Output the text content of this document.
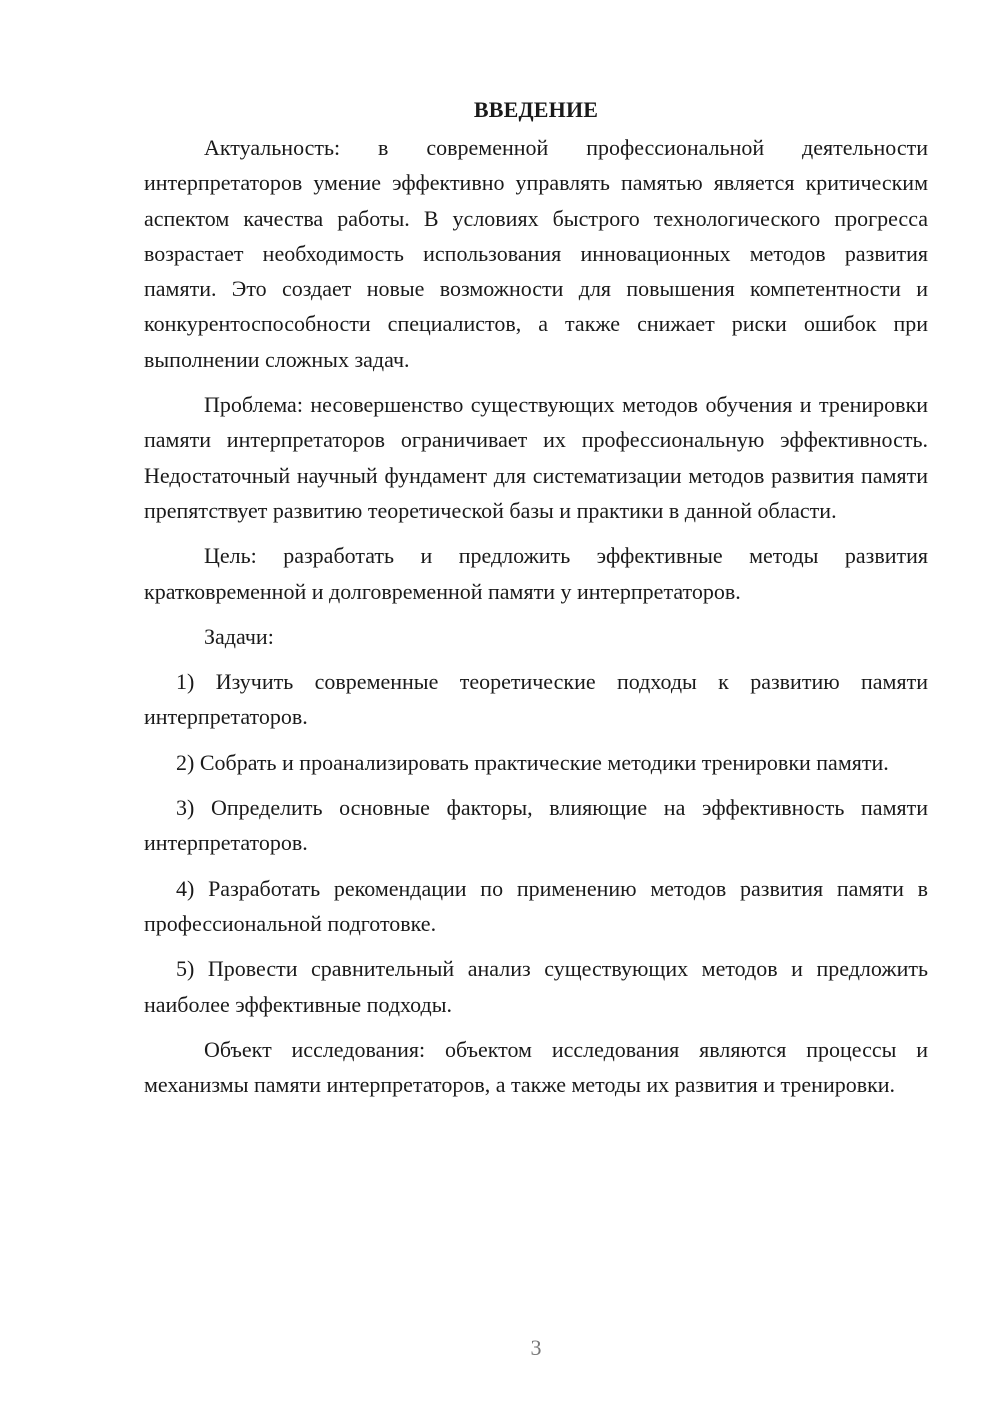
ВВЕДЕНИЕ

Актуальность: в современной профессиональной деятельности интерпретаторов умение эффективно управлять памятью является критическим аспектом качества работы. В условиях быстрого технологического прогресса возрастает необходимость использования инновационных методов развития памяти. Это создает новые возможности для повышения компетентности и конкурентоспособности специалистов, а также снижает риски ошибок при выполнении сложных задач.

Проблема: несовершенство существующих методов обучения и тренировки памяти интерпретаторов ограничивает их профессиональную эффективность. Недостаточный научный фундамент для систематизации методов развития памяти препятствует развитию теоретической базы и практики в данной области.

Цель: разработать и предложить эффективные методы развития кратковременной и долговременной памяти у интерпретаторов.

Задачи:

1) Изучить современные теоретические подходы к развитию памяти интерпретаторов.

2) Собрать и проанализировать практические методики тренировки памяти.

3) Определить основные факторы, влияющие на эффективность памяти интерпретаторов.

4) Разработать рекомендации по применению методов развития памяти в профессиональной подготовке.

5) Провести сравнительный анализ существующих методов и предложить наиболее эффективные подходы.

Объект исследования: объектом исследования являются процессы и механизмы памяти интерпретаторов, а также методы их развития и тренировки.

3
